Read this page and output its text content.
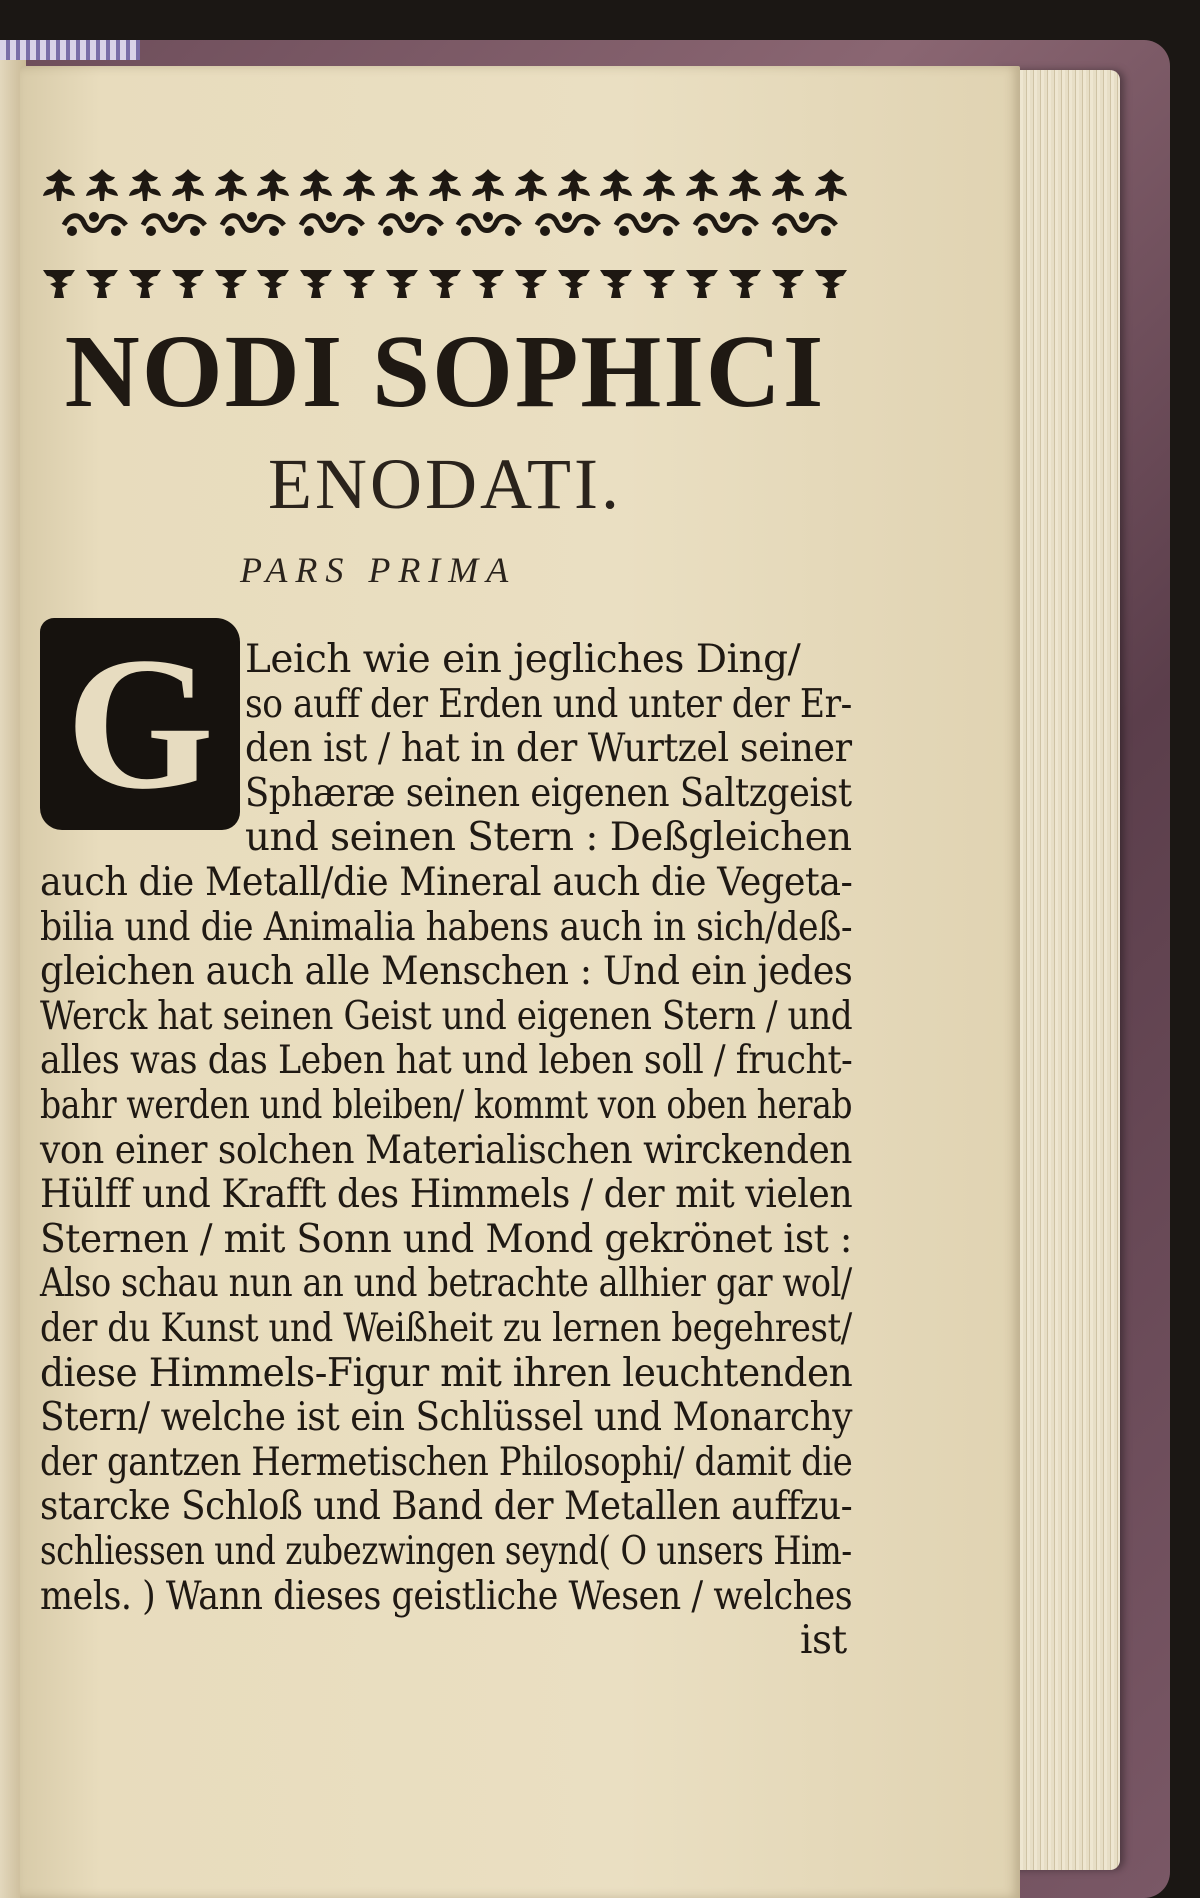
NODI SOPHICI
ENODATI.
PARS PRIMA
G Leich wie ein jegliches Ding/
so auff der Erden und unter der Er-
den ist / hat in der Wurtzel seiner
Sphæræ seinen eigenen Saltzgeist
und seinen Stern : Deßgleichen
auch die Metall/die Mineral auch die Vegeta-
bilia und die Animalia habens auch in sich/deß-
gleichen auch alle Menschen : Und ein jedes
Werck hat seinen Geist und eigenen Stern / und
alles was das Leben hat und leben soll / frucht-
bahr werden und bleiben/ kommt von oben herab
von einer solchen Materialischen wirckenden
Hülff und Krafft des Himmels / der mit vielen
Sternen / mit Sonn und Mond gekrönet ist :
Also schau nun an und betrachte allhier gar wol/
der du Kunst und Weißheit zu lernen begehrest/
diese Himmels-Figur mit ihren leuchtenden
Stern/ welche ist ein Schlüssel und Monarchy
der gantzen Hermetischen Philosophi/ damit die
starcke Schloß und Band der Metallen auffzu-
schliessen und zubezwingen seynd( O unsers Him-
mels. ) Wann dieses geistliche Wesen / welches
ist
